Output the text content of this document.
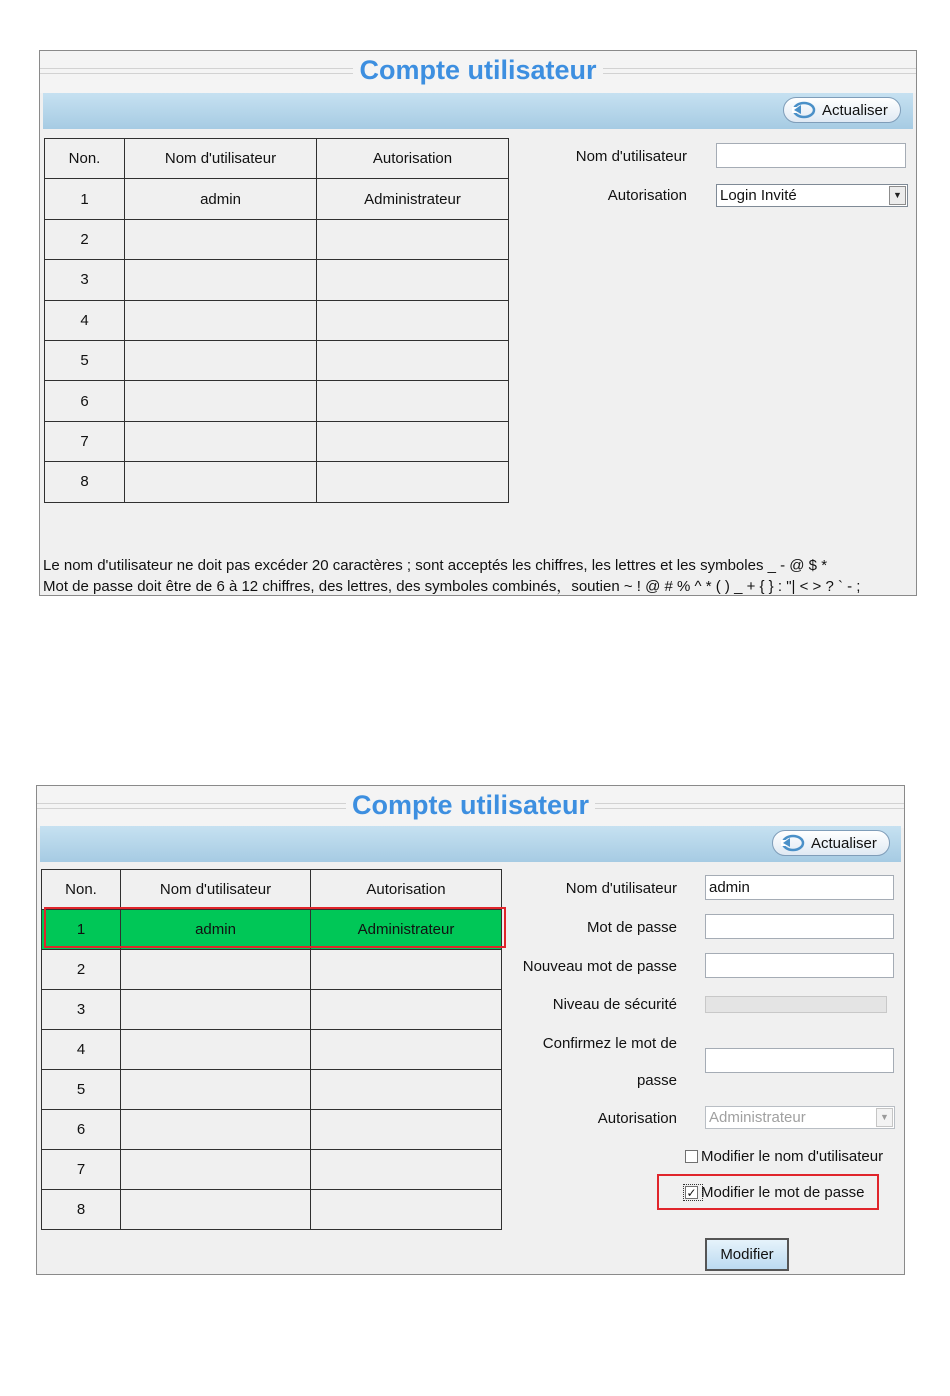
Compte utilisateur
Actualiser
Non.	Nom d'utilisateur	Autorisation
1	admin	Administrateur
2		
3		
4		
5		
6		
7		
8		
Nom d'utilisateur
Autorisation Login Invité	▼
Le nom d'utilisateur ne doit pas excéder 20 caractères ; sont acceptés les chiffres, les lettres et les symboles _ - @ $ *
Mot de passe doit être de 6 à 12 chiffres, des lettres, des symboles combinés，soutien ~ ! @ # % ^ * ( ) _ + { } : "| < > ? ` - ;
Compte utilisateur
Actualiser
Non.	Nom d'utilisateur	Autorisation
1	admin	Administrateur
2		
3		
4		
5		
6		
7		
8		
Nom d'utilisateur admin
Mot de passe
Nouveau mot de passe
Niveau de sécurité
Confirmez le mot de
passe
Autorisation Administrateur	▼
Modifier le nom d'utilisateur
✓ Modifier le mot de passe
Modifier
